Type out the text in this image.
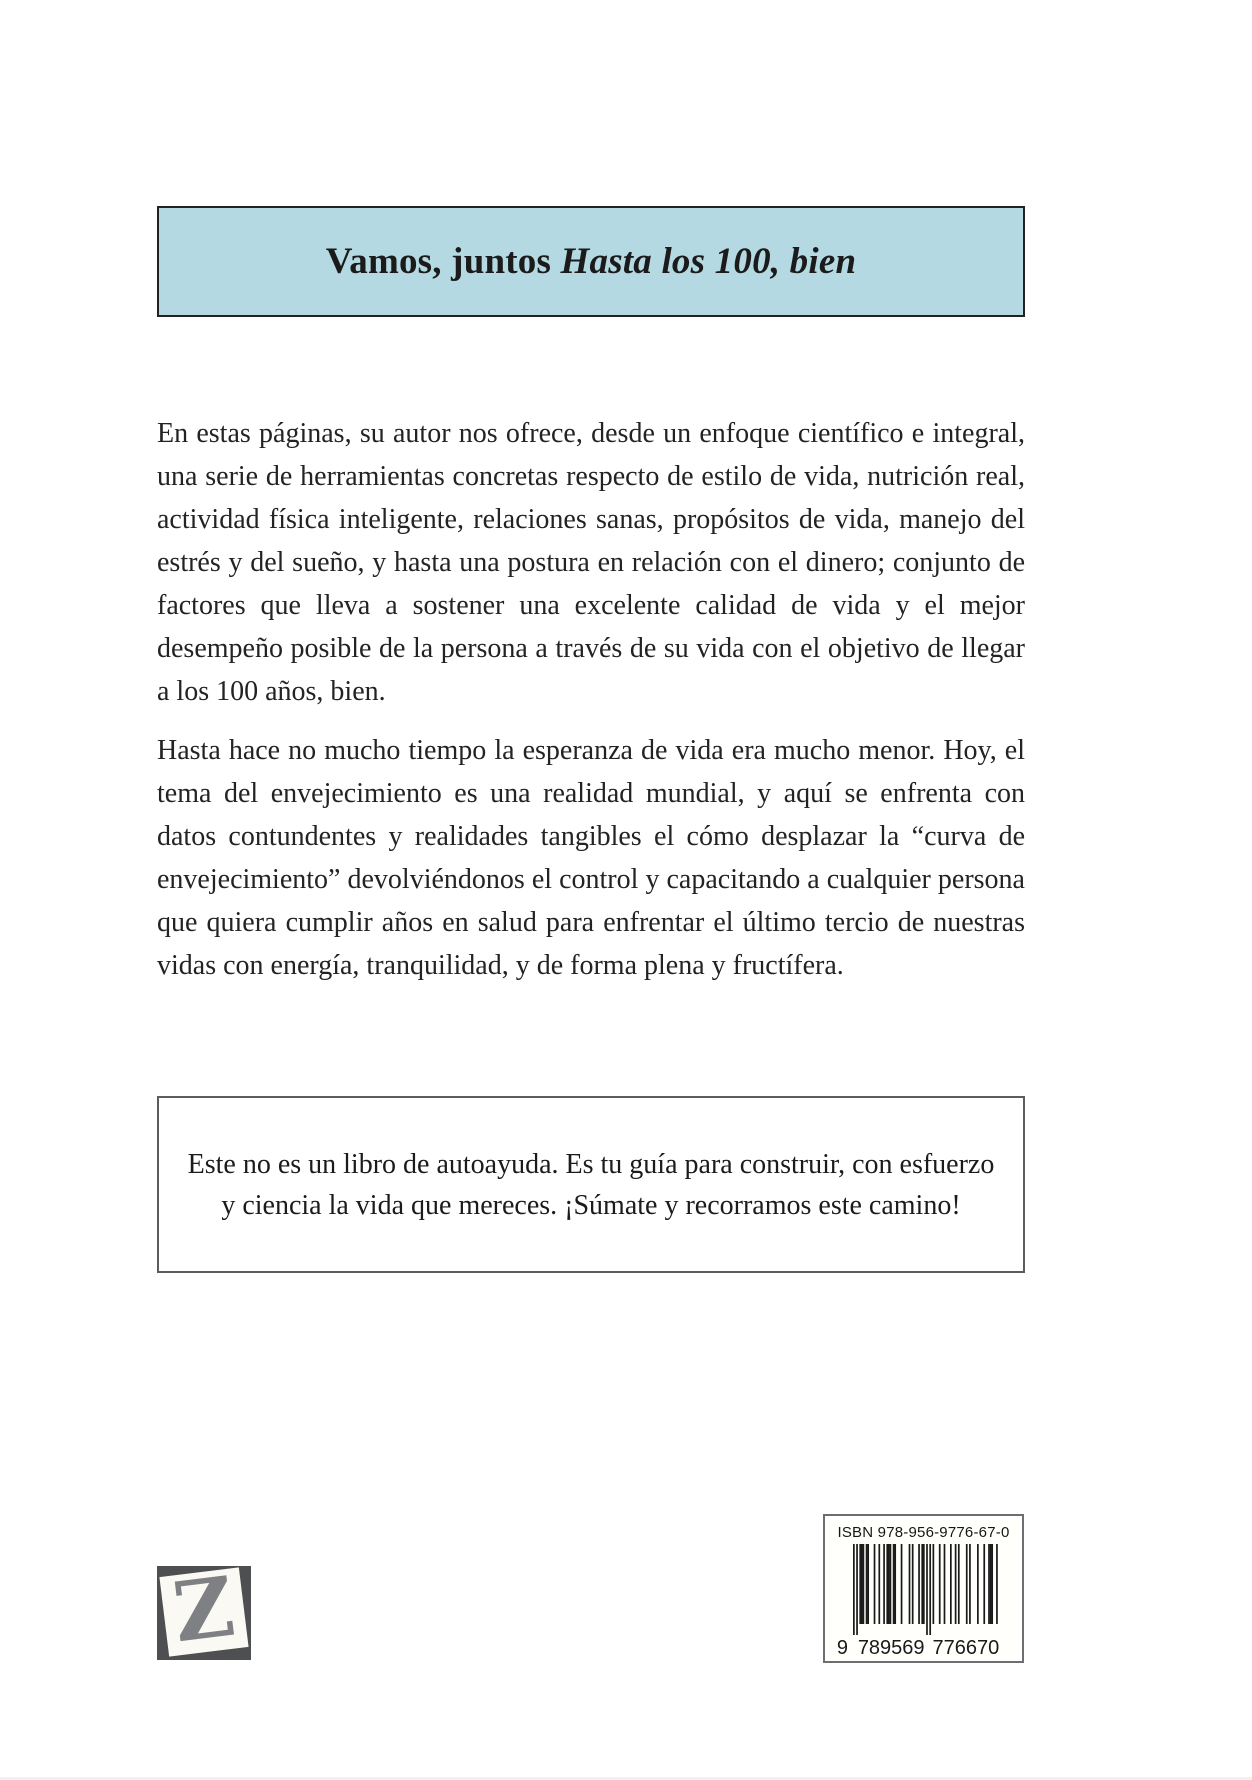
Vamos, juntos Hasta los 100, bien

En estas páginas, su autor nos ofrece, desde un enfoque científico e integral, una serie de herramientas concretas respecto de estilo de vida, nutrición real, actividad física inteligente, relaciones sanas, propósitos de vida, manejo del estrés y del sueño, y hasta una postura en relación con el dinero; conjunto de factores que lleva a sostener una excelente calidad de vida y el mejor desempeño posible de la persona a través de su vida con el objetivo de llegar a los 100 años, bien.

Hasta hace no mucho tiempo la esperanza de vida era mucho menor. Hoy, el tema del envejecimiento es una realidad mundial, y aquí se enfrenta con datos contundentes y realidades tangibles el cómo desplazar la “curva de envejecimiento” devolviéndonos el control y capacitando a cualquier persona que quiera cumplir años en salud para enfrentar el último tercio de nuestras vidas con energía, tranquilidad, y de forma plena y fructífera.

Este no es un libro de autoayuda. Es tu guía para construir, con esfuerzo y ciencia la vida que mereces. ¡Súmate y recorramos este camino!
ISBN 978-956-9776-67-0
9 789569 776670
Z
